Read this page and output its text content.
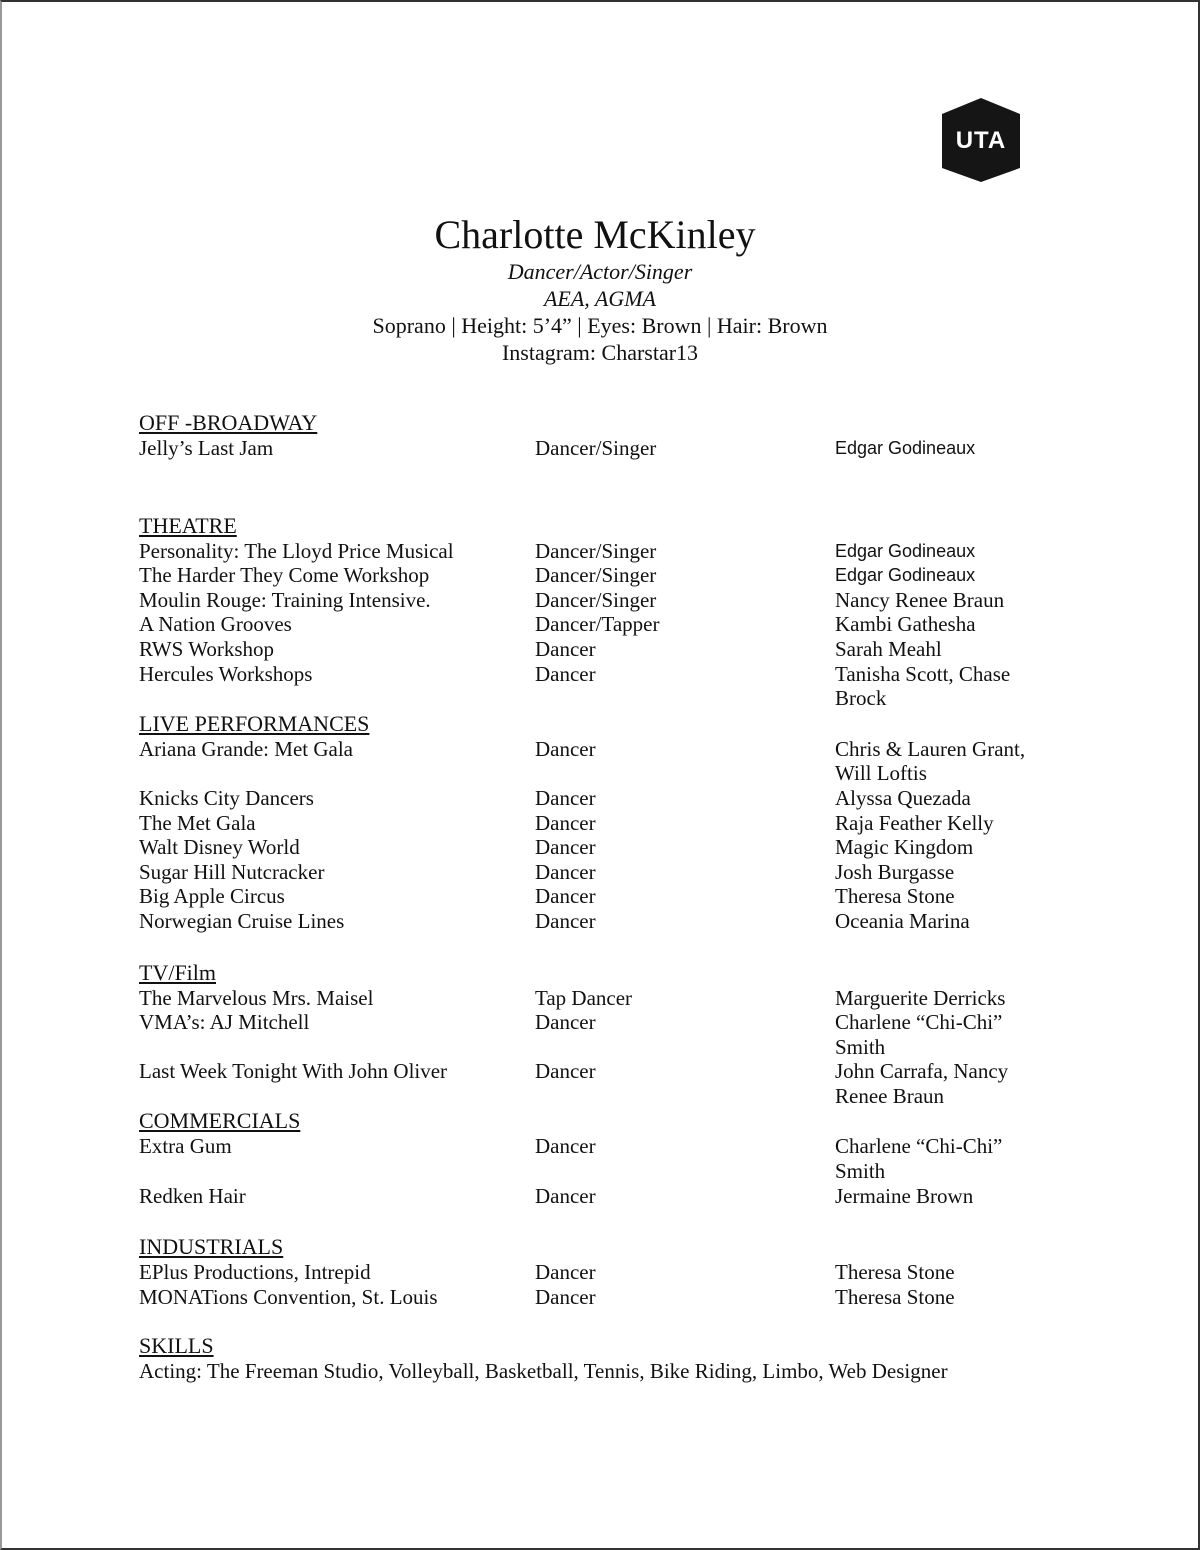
UTA
Charlotte McKinley
Dancer/Actor/Singer
AEA, AGMA
Soprano | Height: 5’4” | Eyes: Brown | Hair: Brown
Instagram: Charstar13
OFF -BROADWAY
Jelly’s Last Jam	Dancer/Singer	Edgar Godineaux
THEATRE
Personality: The Lloyd Price Musical	Dancer/Singer	Edgar Godineaux
The Harder They Come Workshop	Dancer/Singer	Edgar Godineaux
Moulin Rouge: Training Intensive.	Dancer/Singer	Nancy Renee Braun
A Nation Grooves	Dancer/Tapper	Kambi Gathesha
RWS Workshop	Dancer	Sarah Meahl
Hercules Workshops	Dancer	Tanisha Scott, Chase Brock
LIVE PERFORMANCES
Ariana Grande: Met Gala	Dancer	Chris & Lauren Grant, Will Loftis
Knicks City Dancers	Dancer	Alyssa Quezada
The Met Gala	Dancer	Raja Feather Kelly
Walt Disney World	Dancer	Magic Kingdom
Sugar Hill Nutcracker	Dancer	Josh Burgasse
Big Apple Circus	Dancer	Theresa Stone
Norwegian Cruise Lines	Dancer	Oceania Marina
TV/Film
The Marvelous Mrs. Maisel	Tap Dancer	Marguerite Derricks
VMA’s: AJ Mitchell	Dancer	Charlene “Chi-Chi” Smith
Last Week Tonight With John Oliver	Dancer	John Carrafa, Nancy Renee Braun
COMMERCIALS
Extra Gum	Dancer	Charlene “Chi-Chi” Smith
Redken Hair	Dancer	Jermaine Brown
INDUSTRIALS
EPlus Productions, Intrepid	Dancer	Theresa Stone
MONATions Convention, St. Louis	Dancer	Theresa Stone
SKILLS
Acting: The Freeman Studio, Volleyball, Basketball, Tennis, Bike Riding, Limbo, Web Designer
